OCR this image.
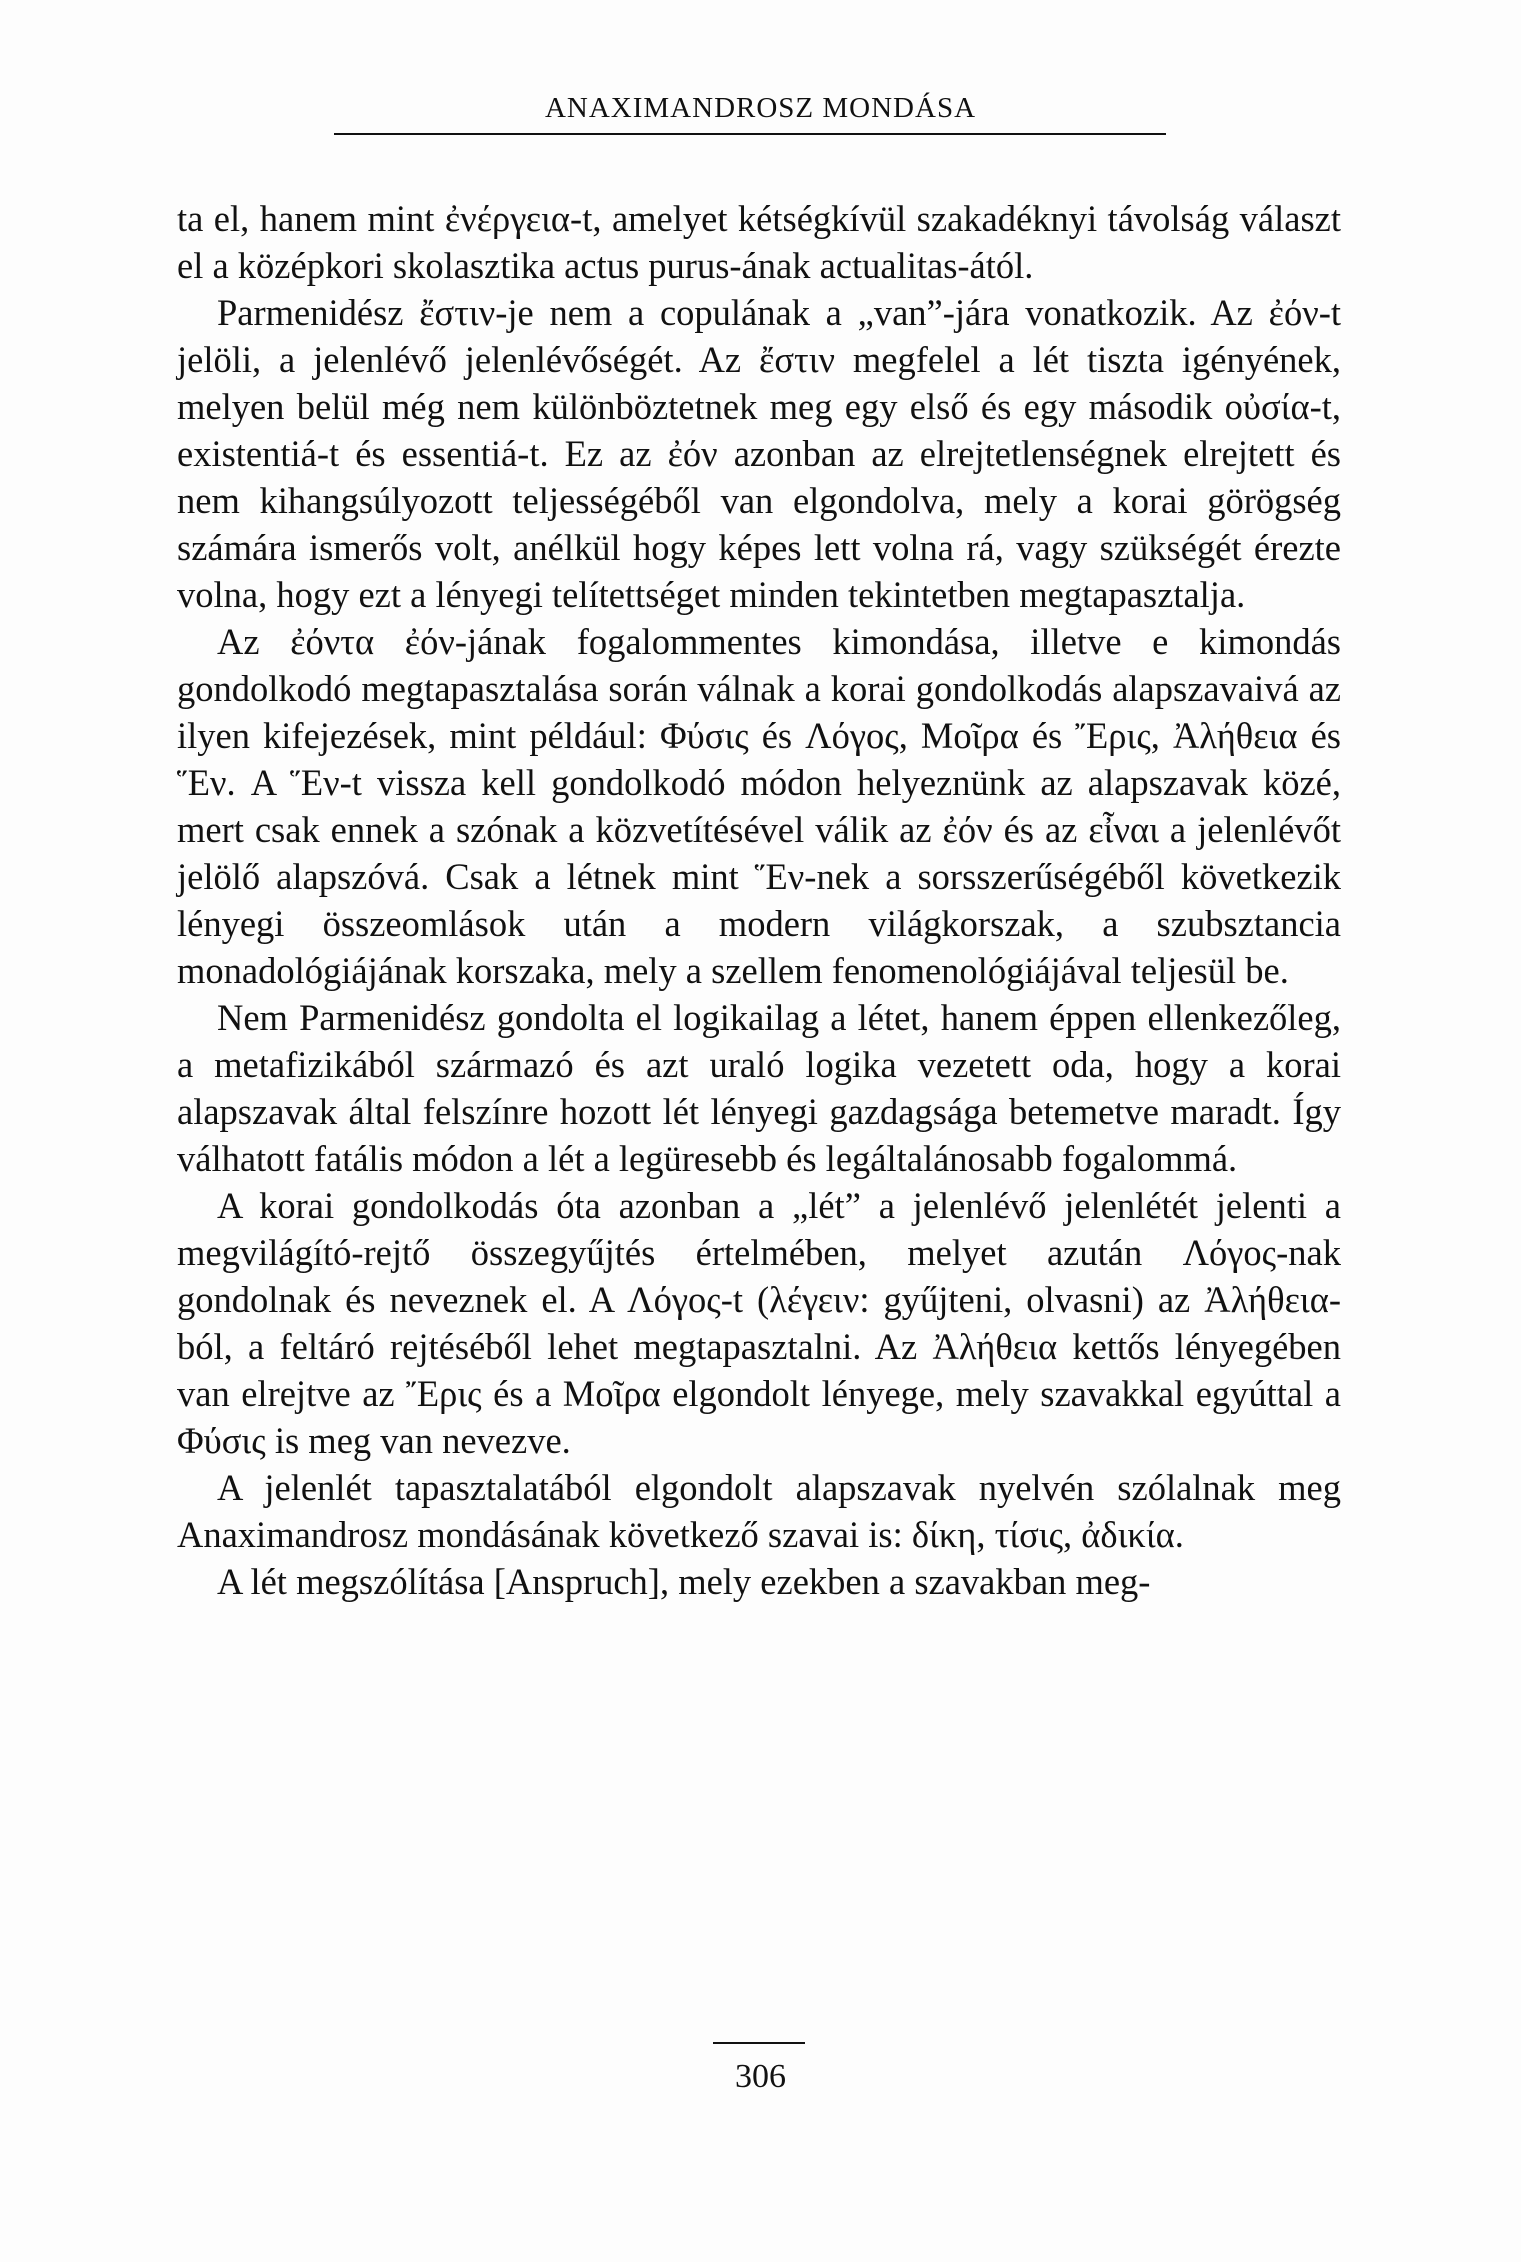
ANAXIMANDROSZ MONDÁSA

ta el, hanem mint ἐνέργεια-t, amelyet kétségkívül szakadéknyi távolság választ el a középkori skolasztika actus purus-ának actualitas-ától.

Parmenidész ἔστιν-je nem a copulának a „van”-jára vonatkozik. Az ἐόν-t jelöli, a jelenlévő jelenlévőségét. Az ἔστιν megfelel a lét tiszta igényének, melyen belül még nem különböztetnek meg egy első és egy második οὐσία-t, existentiá-t és essentiá-t. Ez az ἐόν azonban az elrejtetlenségnek elrejtett és nem kihangsúlyozott teljességéből van elgondolva, mely a korai görögség számára ismerős volt, anélkül hogy képes lett volna rá, vagy szükségét érezte volna, hogy ezt a lényegi telítettséget minden tekintetben megtapasztalja.

Az ἐόντα ἐόν-jának fogalommentes kimondása, illetve e kimondás gondolkodó megtapasztalása során válnak a korai gondolkodás alapszavaivá az ilyen kifejezések, mint például: Φύσις és Λόγος, Μοῖρα és Ἔρις, Ἀλήθεια és Ἕν. A Ἕν-t vissza kell gondolkodó módon helyeznünk az alapszavak közé, mert csak ennek a szónak a közvetítésével válik az ἐόν és az εἶναι a jelenlévőt jelölő alapszóvá. Csak a létnek mint Ἕν-nek a sorsszerűségéből következik lényegi összeomlások után a modern világkorszak, a szubsztancia monadológiájának korszaka, mely a szellem fenomenológiájával teljesül be.

Nem Parmenidész gondolta el logikailag a létet, hanem éppen ellenkezőleg, a metafizikából származó és azt uraló logika vezetett oda, hogy a korai alapszavak által felszínre hozott lét lényegi gazdagsága betemetve maradt. Így válhatott fatális módon a lét a legüresebb és legáltalánosabb fogalommá.

A korai gondolkodás óta azonban a „lét” a jelenlévő jelenlétét jelenti a megvilágító-rejtő összegyűjtés értelmében, melyet azután Λόγος-nak gondolnak és neveznek el. A Λόγος-t (λέγειν: gyűjteni, olvasni) az Ἀλήθεια-ból, a feltáró rejtéséből lehet megtapasztalni. Az Ἀλήθεια kettős lényegében van elrejtve az Ἔρις és a Μοῖρα elgondolt lényege, mely szavakkal egyúttal a Φύσις is meg van nevezve.

A jelenlét tapasztalatából elgondolt alapszavak nyelvén szólalnak meg Anaximandrosz mondásának következő szavai is: δίκη, τίσις, ἀδικία.

A lét megszólítása [Anspruch], mely ezekben a szavakban meg-

306
